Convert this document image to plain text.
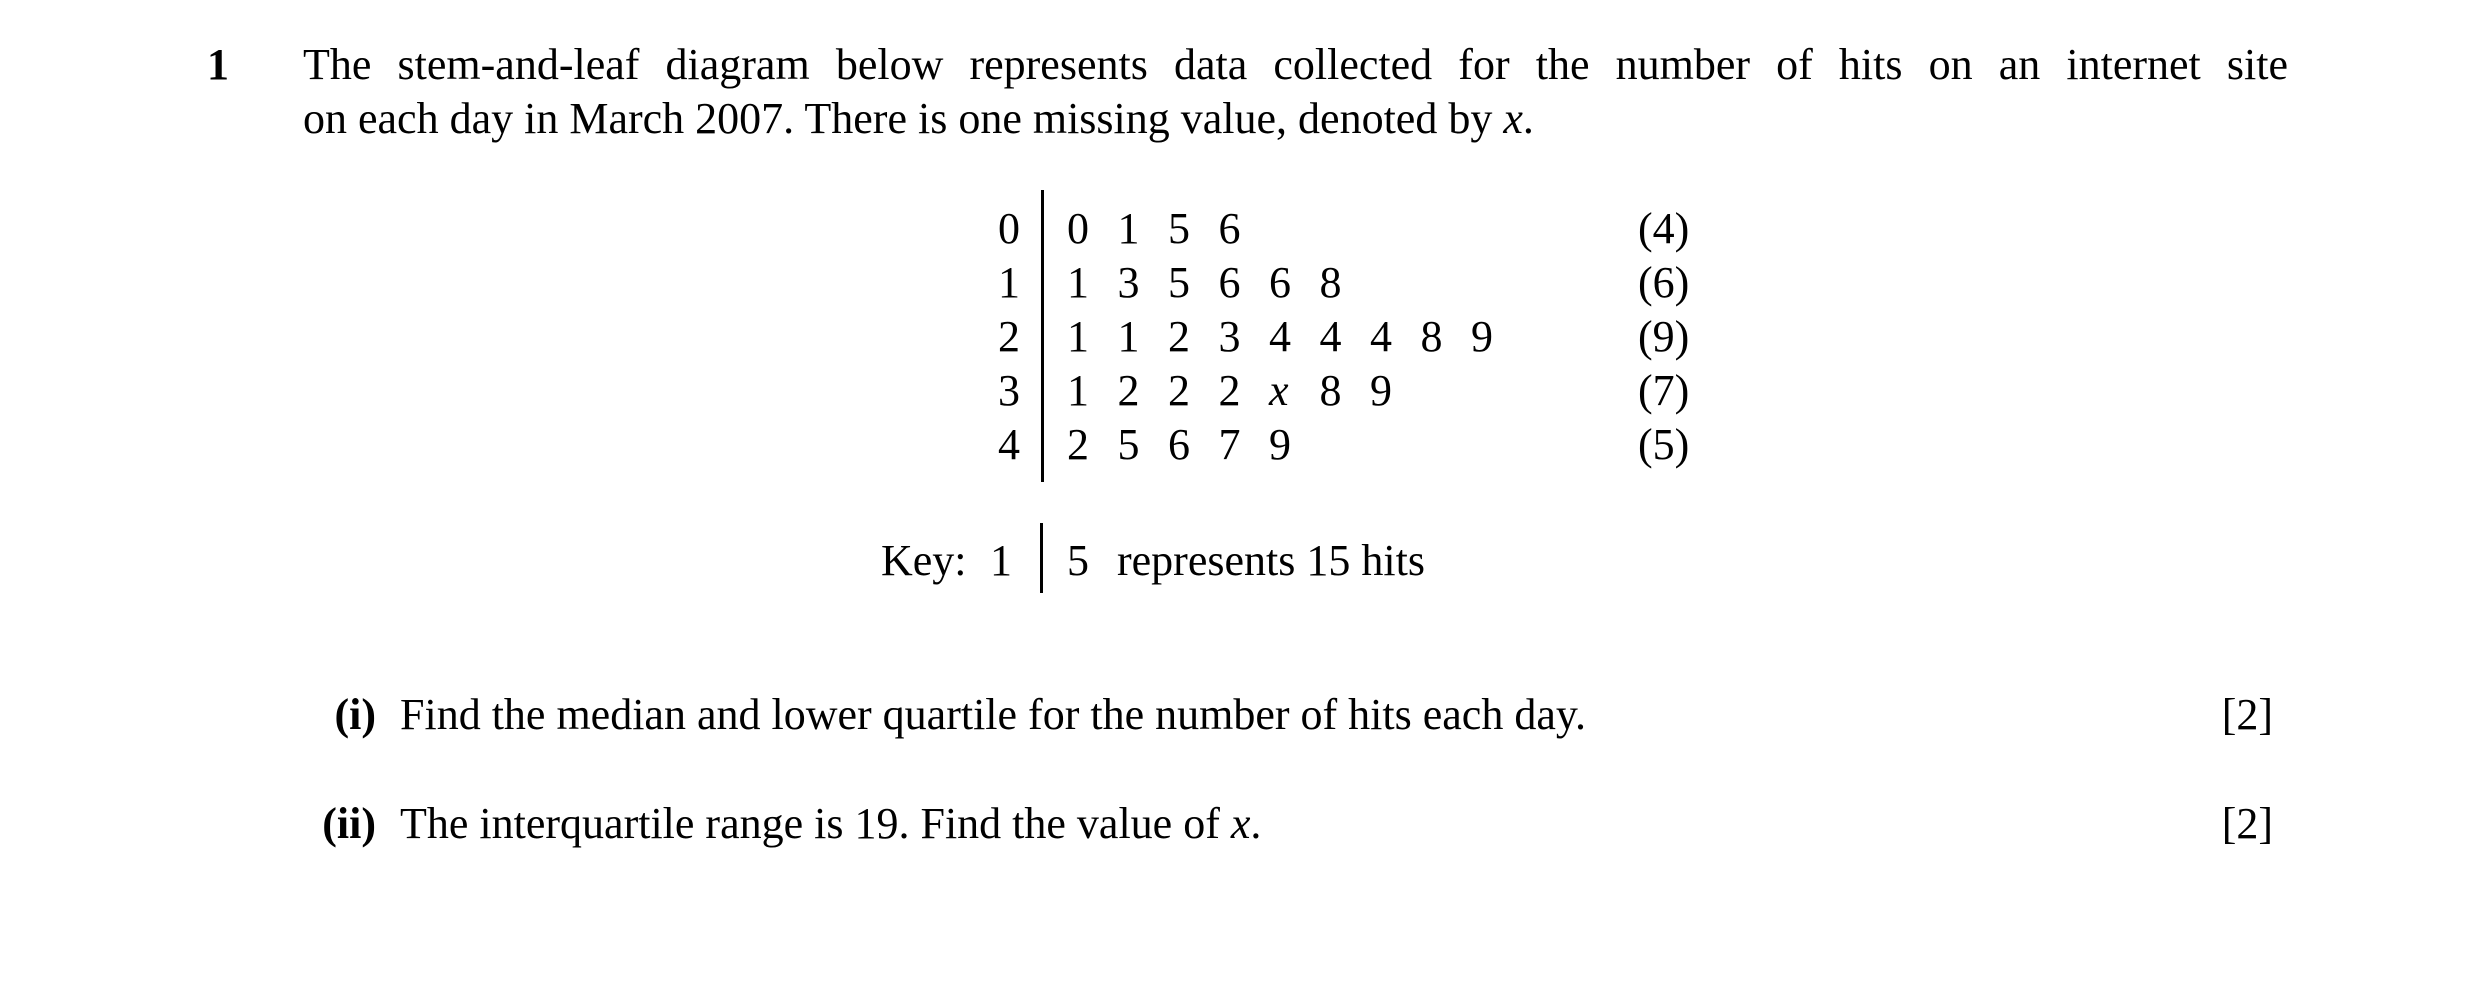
1 The stem-and-leaf diagram below represents data collected for the number of hits on an internet site
on each day in March 2007. There is one missing value, denoted by x.
0 0 1 5 6	(4)
1 1 3 5 6 6 8	(6)
2 1 1 2 3 4 4 4 8 9	(9)
3 1 2 2 2 x 8 9	(7)
4 2 5 6 7 9	(5)
Key: 1 5 represents 15 hits
(i) Find the median and lower quartile for the number of hits each day.	[2]
(ii) The interquartile range is 19. Find the value of x.	[2]
